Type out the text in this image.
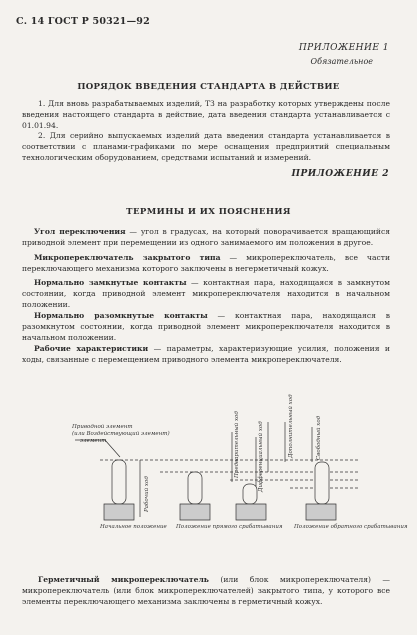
С. 14 ГОСТ Р 50321—92
ПРИЛОЖЕНИЕ 1
Обязательное
ПОРЯДОК ВВЕДЕНИЯ СТАНДАРТА В ДЕЙСТВИЕ
1. Для вновь разрабатываемых изделий, ТЗ на разработку которых утверждены после введения настоящего стандарта в действие, дата введения стандарта устанавливается с 01.01.94.
2. Для серийно выпускаемых изделий дата введения стандарта устанавливается в соответствии с планами-графиками по мере оснащения предприятий специальным технологическим оборудованием, средствами испытаний и измерений.
ПРИЛОЖЕНИЕ 2
ТЕРМИНЫ И ИХ ПОЯСНЕНИЯ
Угол переключения — угол в градусах, на который поворачивается вращающийся приводной элемент при перемещении из одного занимаемого им положения в другое.
Микропереключатель закрытого типа — микропереключатель, все части переключающего механизма которого заключены в негерметичный кожух.
Нормально замкнутые контакты — контактная пара, находящаяся в замкнутом состоянии, когда приводной элемент микропереключателя находится в начальном положении.
Нормально разомкнутые контакты — контактная пара, находящаяся в разомкнутом состоянии, когда приводной элемент микропереключателя находится в начальном положении.
Рабочие характеристики — параметры, характеризующие усилия, положения и ходы, связанные с перемещением приводного элемента микропереключателя.
Приводной элемент
(или Воздействующий элемент)
элемент
Начальное положение Положение прямого срабатывания Положение обратного срабатывания
Рабочий ход
Предварительный ход	Дифференциальный ход	Дополнительный ход	Свободный ход
Герметичный микропереключатель (или блок микропереключателя) — микропереключатель (или блок микропереключателей) закрытого типа, у которого все элементы переключающего механизма заключены в герметичный кожух.
